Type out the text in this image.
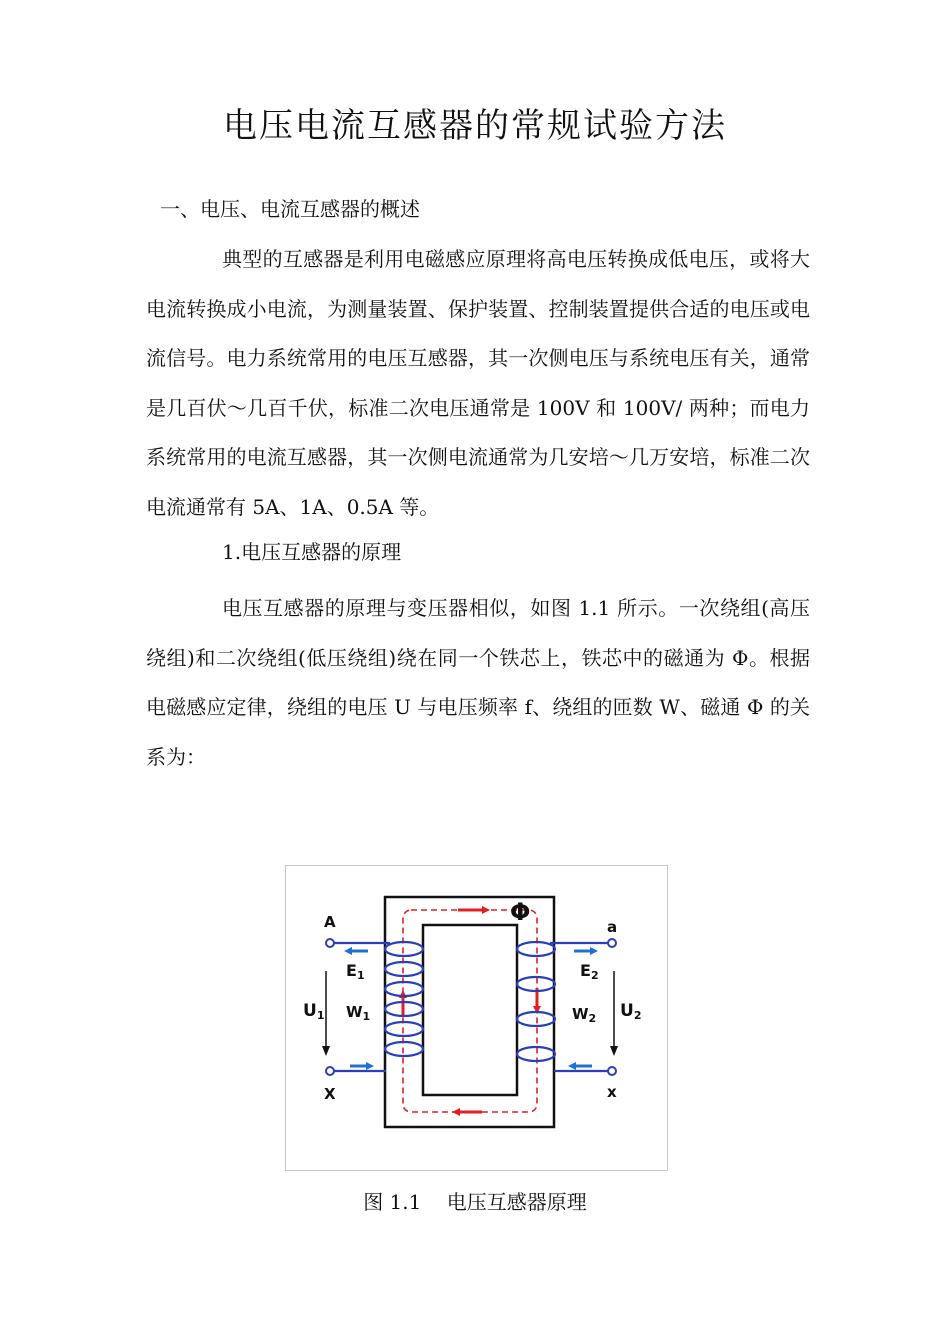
电压电流互感器的常规试验方法
一、电压、电流互感器的概述

典型的互感器是利用电磁感应原理将高电压转换成低电压，或将大电流转换成小电流，为测量装置、保护装置、控制装置提供合适的电压或电流信号。电力系统常用的电压互感器，其一次侧电压与系统电压有关，通常是几百伏～几百千伏，标准二次电压通常是 100V 和 100V/ 两种；而电力系统常用的电流互感器，其一次侧电流通常为几安培～几万安培，标准二次电流通常有 5A、1A、0.5A 等。

1.电压互感器的原理

电压互感器的原理与变压器相似，如图 1.1 所示。一次绕组(高压绕组)和二次绕组(低压绕组)绕在同一个铁芯上，铁芯中的磁通为 Φ。根据电磁感应定律，绕组的电压 U 与电压频率 f、绕组的匝数 W、磁通 Φ 的关系为：

Φ
A
X
a
x
E1	E2
$W_1$	$W_2$
U1	U2
图 1.1    电压互感器原理
